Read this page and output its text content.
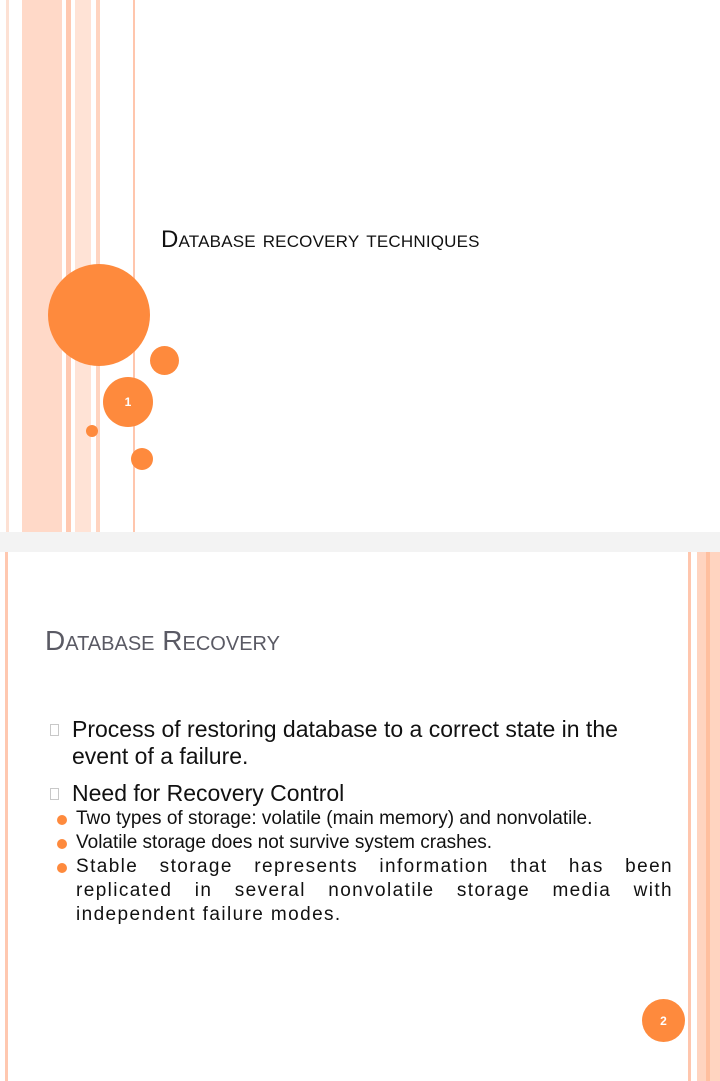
1
Database recovery techniques
Database Recovery
Process of restoring database to a correct state in the event of a failure.
Need for Recovery Control
Two types of storage: volatile (main memory) and nonvolatile.
Volatile storage does not survive system crashes.
Stable storage represents information that has been replicated in several nonvolatile storage media with independent failure modes.
2
